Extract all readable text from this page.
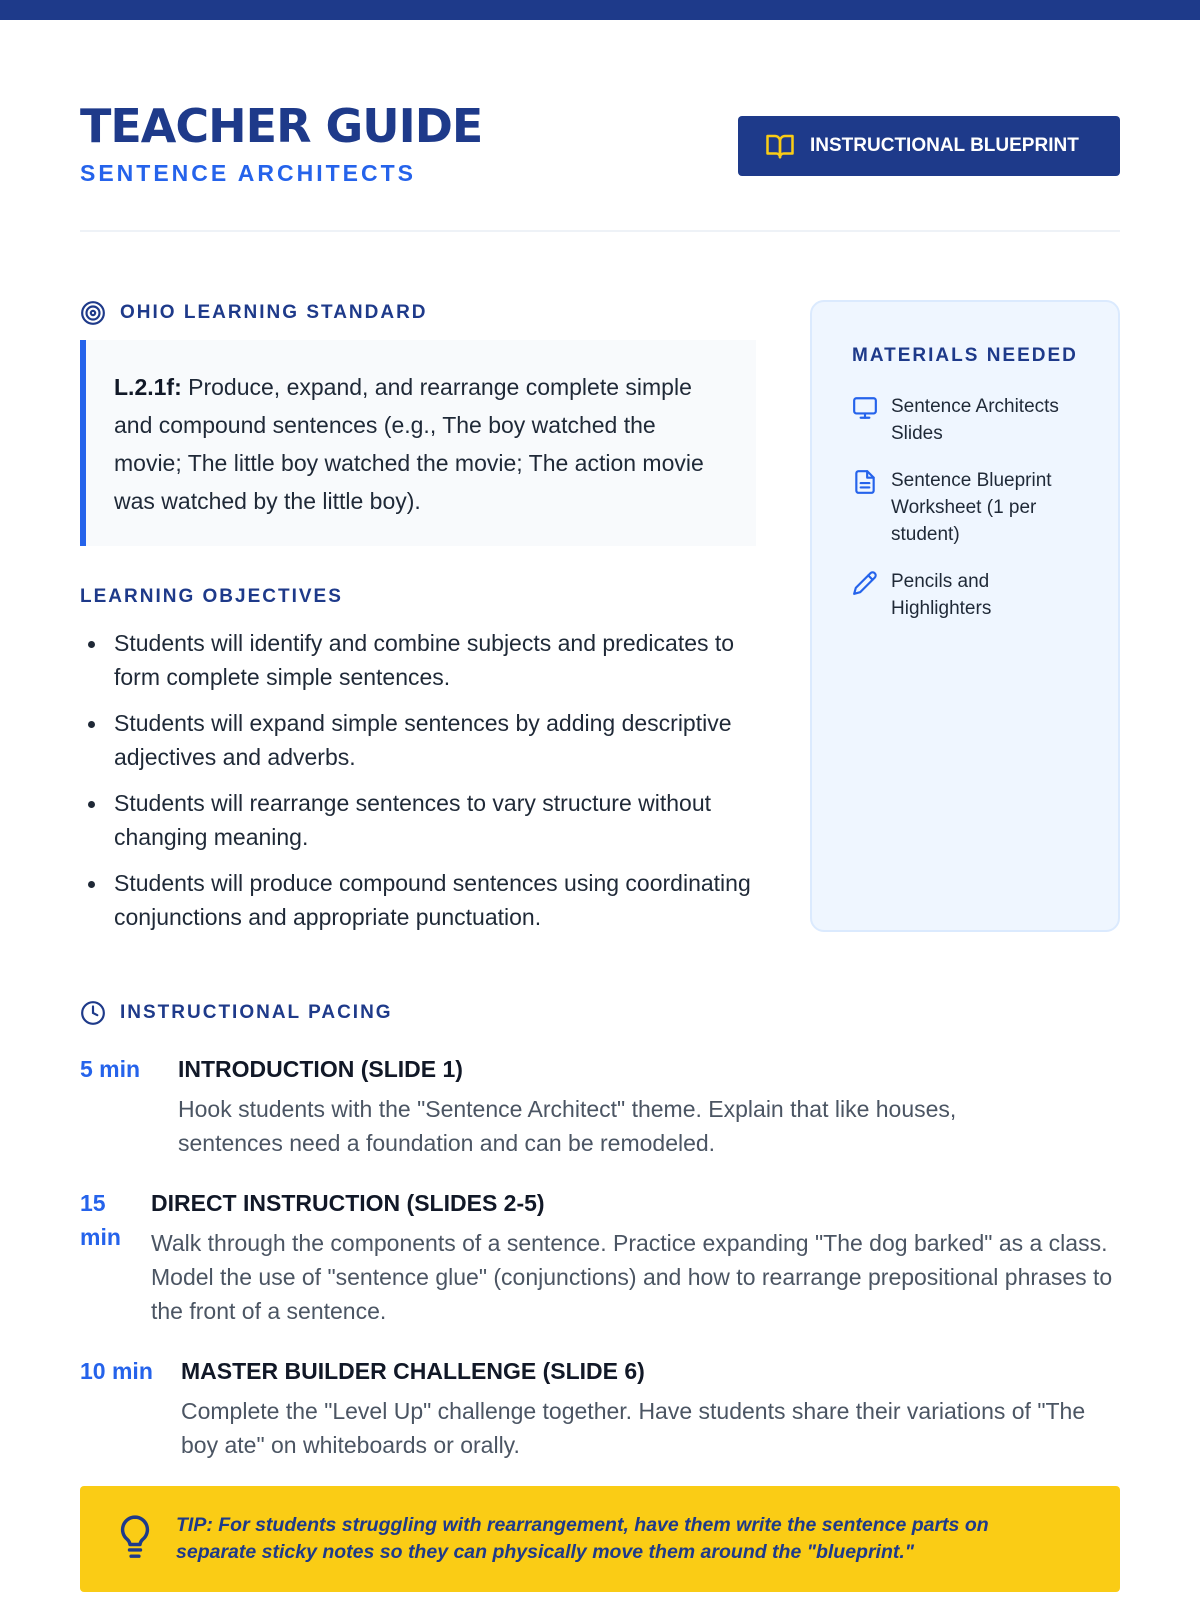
TEACHER GUIDE
SENTENCE ARCHITECTS
INSTRUCTIONAL BLUEPRINT
OHIO LEARNING STANDARD
L.2.1f: Produce, expand, and rearrange complete simple and compound sentences (e.g., The boy watched the movie; The little boy watched the movie; The action movie was watched by the little boy).
LEARNING OBJECTIVES
Students will identify and combine subjects and predicates to form complete simple sentences.
Students will expand simple sentences by adding descriptive adjectives and adverbs.
Students will rearrange sentences to vary structure without changing meaning.
Students will produce compound sentences using coordinating conjunctions and appropriate punctuation.
MATERIALS NEEDED
Sentence Architects Slides
Sentence Blueprint Worksheet (1 per student)
Pencils and Highlighters
INSTRUCTIONAL PACING
5 min	INTRODUCTION (SLIDE 1)
Hook students with the "Sentence Architect" theme. Explain that like houses, sentences need a foundation and can be remodeled.
15 min
DIRECT INSTRUCTION (SLIDES 2-5)
Walk through the components of a sentence. Practice expanding "The dog barked" as a class. Model the use of "sentence glue" (conjunctions) and how to rearrange prepositional phrases to the front of a sentence.
10 min	MASTER BUILDER CHALLENGE (SLIDE 6)
Complete the "Level Up" challenge together. Have students share their variations of "The boy ate" on whiteboards or orally.
TIP: For students struggling with rearrangement, have them write the sentence parts on separate sticky notes so they can physically move them around the "blueprint."
